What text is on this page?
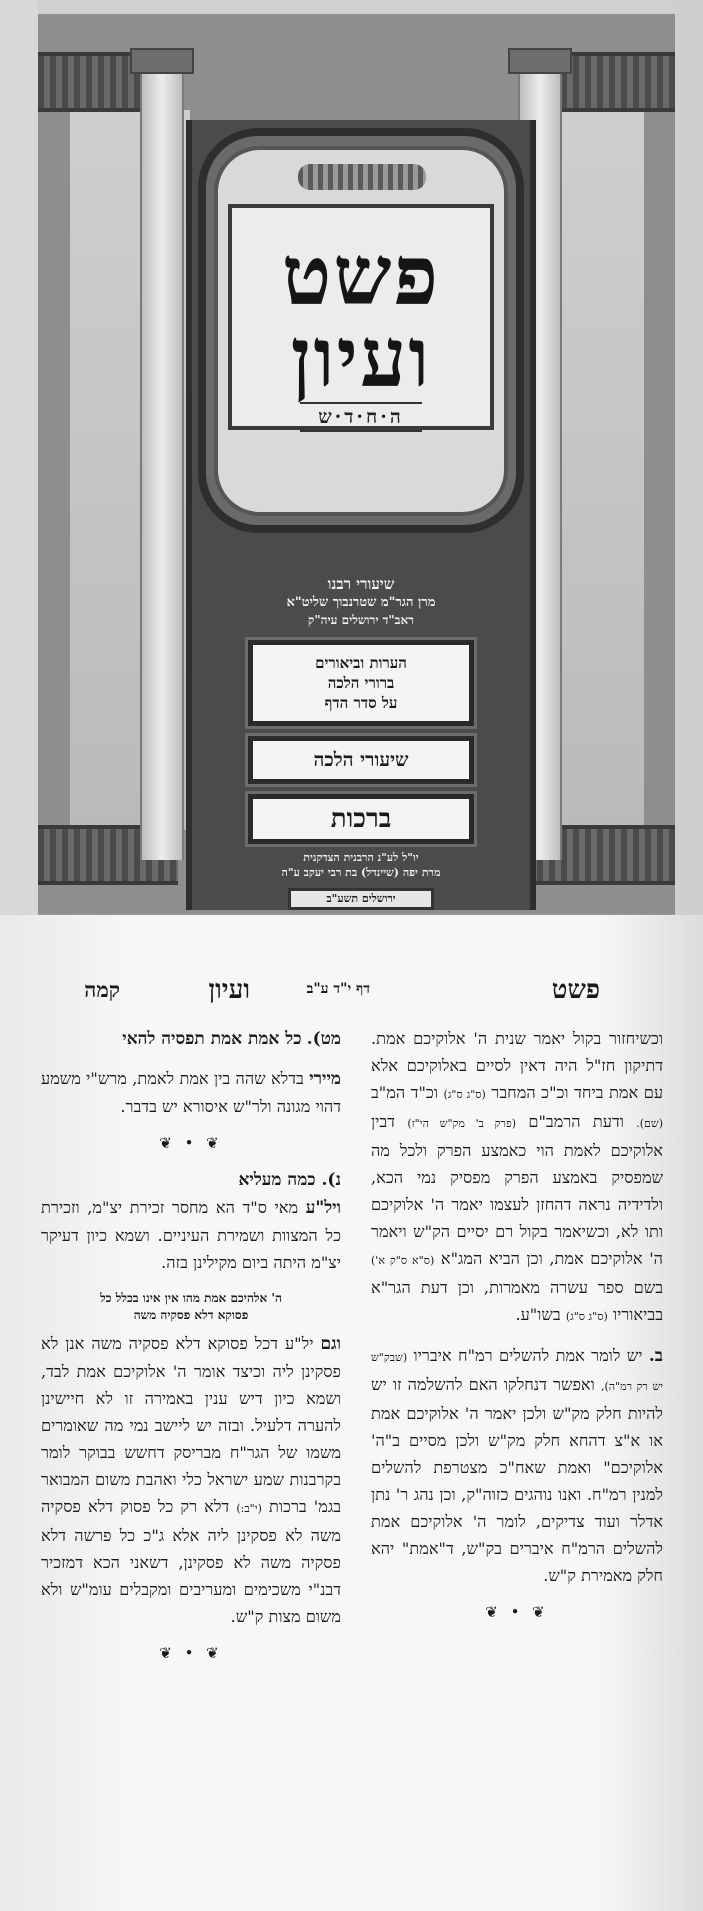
פשט
ועיון
ה·ח·ד·ש
שיעורי רבנו
מרן הגר"מ שטרנבוך שליט"א
ראב"ד ירושלים עיה"ק
הערות וביאורים
ברורי הלכה
על סדר הדף
שיעורי הלכה
ברכות
יו"ל לע"נ הרבנית הצדקנית
מרת יפה (שיינדל) בת רבי יעקב ע"ה
ירושלים תשע"ב
פשט
דף י"ד ע"ב
ועיון
קמה

וכשיחזור בקול יאמר שנית ה' אלוקיכם אמת. דתיקון חז"ל היה דאין לסיים באלוקיכם אלא עם אמת ביחד וכ"כ המחבר (ס"ג ס"ג) וכ"ד המ"ב (שם). ודעת הרמב"ם (פרק ב' מק"ש הי"ז) דבין אלוקיכם לאמת הוי כאמצע הפרק ולכל מה שמפסיק באמצע הפרק מפסיק נמי הכא, ולדידיה נראה דהחזן לעצמו יאמר ה' אלוקיכם ותו לא, וכשיאמר בקול רם יסיים הק"ש ויאמר ה' אלוקיכם אמת, וכן הביא המג"א (ס"א ס"ק א') בשם ספר עשרה מאמרות, וכן דעת הגר"א בביאוריו (ס"ג ס"ג) בשו"ע.

ב. יש לומר אמת להשלים רמ"ח איבריו (שבק"ש יש רק רמ"ה), ואפשר דנחלקו האם להשלמה זו יש להיות חלק מק"ש ולכן יאמר ה' אלוקיכם אמת או א"צ דהחא חלק מק"ש ולכן מסיים ב"ה' אלוקיכם" ואמת שאח"כ מצטרפת להשלים למנין רמ"ח. ואנו נוהגים כזוה"ק, וכן נהג ר' נתן אדלר ועוד צדיקים, לומר ה' אלוקיכם אמת להשלים הרמ"ח איברים בק"ש, ד"אמת" יהא חלק מאמירת ק"ש.

❦ • ❦

מט). כל אמת אמת תפסיה להאי

מיירי בדלא שהה בין אמת לאמת, מרש"י משמע דהוי מגונה ולר"ש איסורא יש בדבר.

❦ • ❦

נ). כמה מעליא

ויל"ע מאי ס"ד הא מחסר זכירת יצ"מ, וזכירת כל המצוות ושמירת העיניים. ושמא כיון דעיקר יצ"מ היתה ביום מקילינן בזה.

ה' אלהיכם אמת מהו אין אינו בכלל כל
פסוקא דלא פסקיה משה

וגם יל"ע דכל פסוקא דלא פסקיה משה אנן לא פסקינן ליה וכיצד אומר ה' אלוקיכם אמת לבד, ושמא כיון דיש ענין באמירה זו לא חיישינן להערה דלעיל. ובזה יש ליישב נמי מה שאומרים משמו של הגר"ח מבריסק דחשש בבוקר לומר בקרבנות שמע ישראל כלי ואהבת משום המבואר בגמ' ברכות (י"ב:) דלא רק כל פסוק דלא פסקיה משה לא פסקינן ליה אלא ג"כ כל פרשה דלא פסקיה משה לא פסקינן, דשאני הכא דמזכיר דבנ"י משכימים ומעריבים ומקבלים עומ"ש ולא משום מצות ק"ש.

❦ • ❦
